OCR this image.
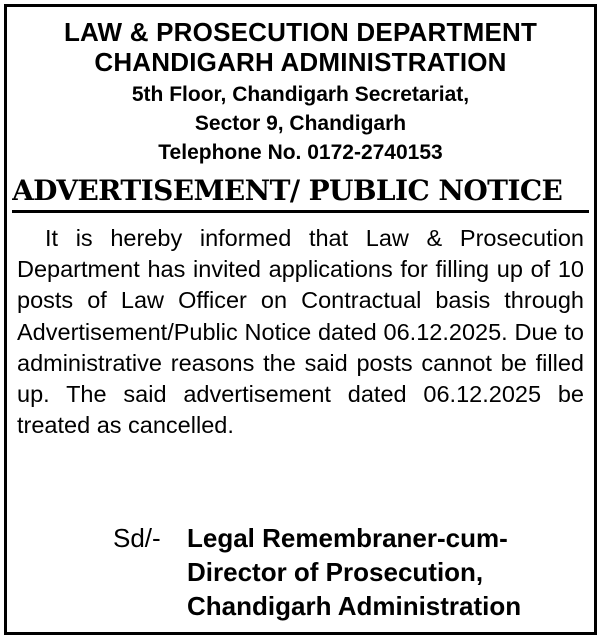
LAW & PROSECUTION DEPARTMENT

CHANDIGARH ADMINISTRATION

5th Floor, Chandigarh Secretariat,

Sector 9, Chandigarh

Telephone No. 0172-2740153

ADVERTISEMENT/ PUBLIC NOTICE
It is hereby informed that Law & Prosecution Department has invited applications for filling up of 10 posts of Law Officer on Contractual basis through Advertisement/Public Notice dated 06.12.2025. Due to administrative reasons the said posts cannot be filled up. The said advertisement dated 06.12.2025 be treated as cancelled.
Sd/-	Legal Remembraner-cum-
Director of Prosecution,
Chandigarh Administration
